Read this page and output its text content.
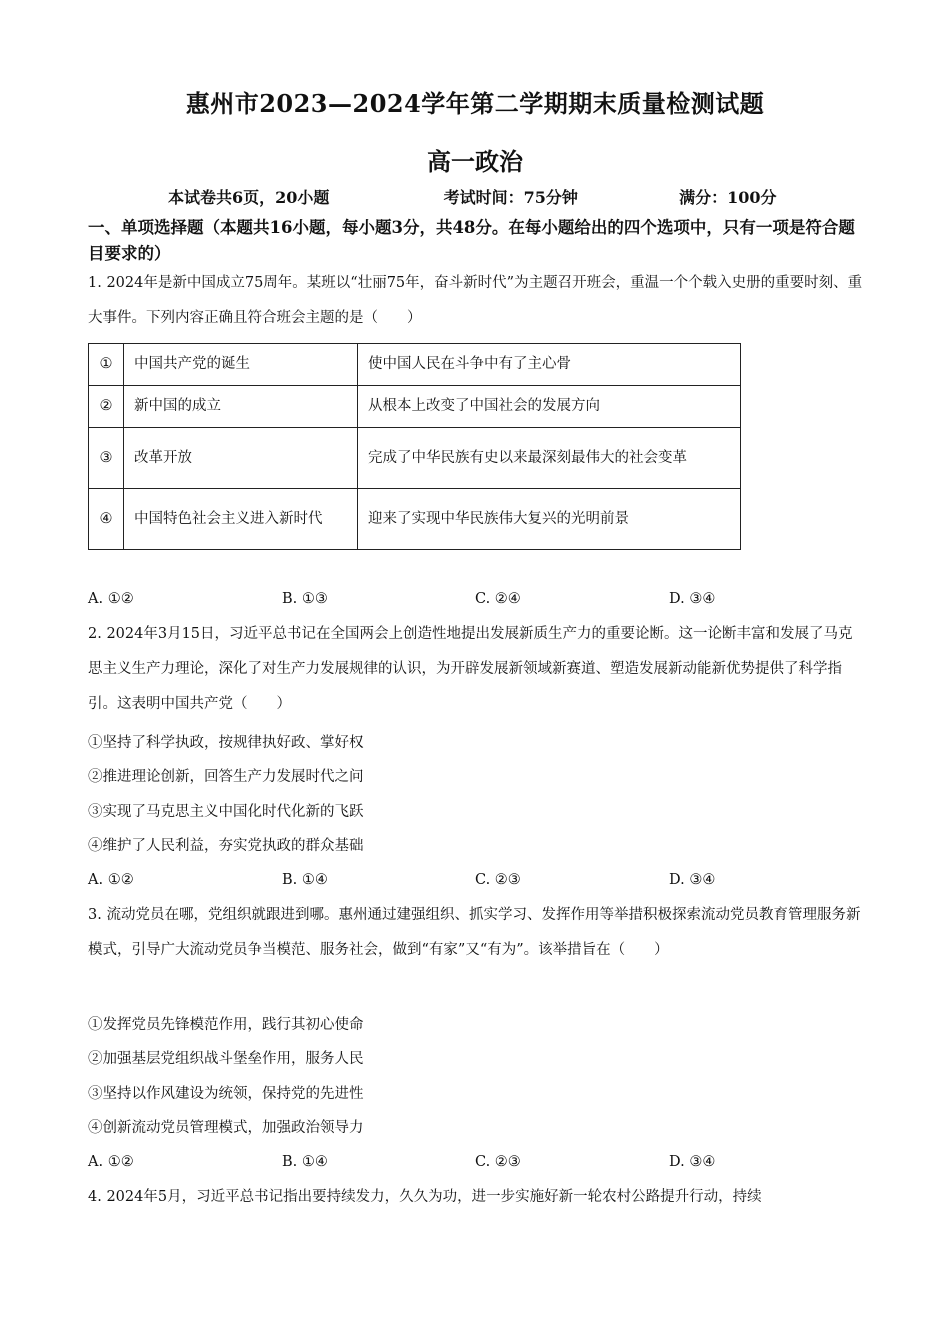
惠州市2023—2024学年第二学期期末质量检测试题
高一政治
本试卷共6页，20小题	考试时间：75分钟	满分：100分
一、单项选择题（本题共16小题，每小题3分，共48分。在每小题给出的四个选项中，只有一项是符合题目要求的）
1. 2024年是新中国成立75周年。某班以“壮丽75年，奋斗新时代”为主题召开班会，重温一个个载入史册的重要时刻、重大事件。下列内容正确且符合班会主题的是（　　）
①	中国共产党的诞生	使中国人民在斗争中有了主心骨
②	新中国的成立	从根本上改变了中国社会的发展方向
③	改革开放	完成了中华民族有史以来最深刻最伟大的社会变革
④	中国特色社会主义进入新时代	迎来了实现中华民族伟大复兴的光明前景
A. ①②	B. ①③	C. ②④	D. ③④
2. 2024年3月15日，习近平总书记在全国两会上创造性地提出发展新质生产力的重要论断。这一论断丰富和发展了马克思主义生产力理论，深化了对生产力发展规律的认识，为开辟发展新领域新赛道、塑造发展新动能新优势提供了科学指引。这表明中国共产党（　　）
①坚持了科学执政，按规律执好政、掌好权
②推进理论创新，回答生产力发展时代之问
③实现了马克思主义中国化时代化新的飞跃
④维护了人民利益，夯实党执政的群众基础
A. ①②	B. ①④	C. ②③	D. ③④
3. 流动党员在哪，党组织就跟进到哪。惠州通过建强组织、抓实学习、发挥作用等举措积极探索流动党员教育管理服务新模式，引导广大流动党员争当模范、服务社会，做到“有家”又“有为”。该举措旨在（　　）
①发挥党员先锋模范作用，践行其初心使命
②加强基层党组织战斗堡垒作用，服务人民
③坚持以作风建设为统领，保持党的先进性
④创新流动党员管理模式，加强政治领导力
A. ①②	B. ①④	C. ②③	D. ③④
4. 2024年5月，习近平总书记指出要持续发力，久久为功，进一步实施好新一轮农村公路提升行动，持续
